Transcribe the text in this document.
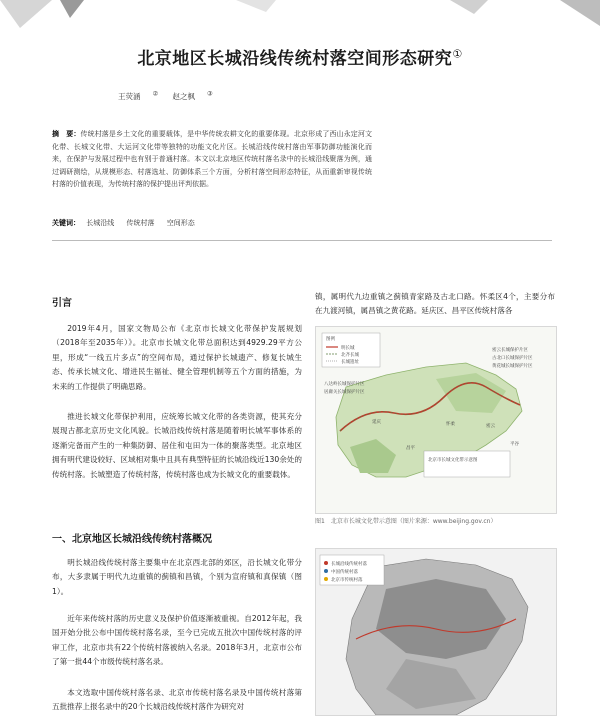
北京地区长城沿线传统村落空间形态研究①
王荧涵 ② 赵之枫 ③
摘　要：传统村落是乡土文化的重要载体，是中华传统农耕文化的重要体现。北京形成了西山永定河文化带、长城文化带、大运河文化带等独特的功能文化片区。长城沿线传统村落由军事防御功能演化而来，在保护与发展过程中也有别于普通村落。本文以北京地区传统村落名录中的长城沿线聚落为例，通过调研测绘，从规模形态、村落选址、防御体系三个方面，分析村落空间形态特征，从而重新审视传统村落的价值表现，为传统村落的保护提出评判依据。
关键词： 长城沿线 传统村落 空间形态
引言
2019年4月，国家文物局公布《北京市长城文化带保护发展规划（2018年至2035年）》。北京市长城文化带总面积达到4929.29平方公里，形成“一线五片多点”的空间布局，通过保护长城遗产、修复长城生态、传承长城文化、增进民生福祉、健全管理机制等五个方面的措施，为未来的工作提供了明确思路。
推进长城文化带保护利用，应统筹长城文化带的各类资源，使其充分展现古都北京历史文化风貌。长城沿线传统村落是随着明长城军事体系的逐渐完备而产生的一种集防御、居住和屯田为一体的聚落类型。北京地区拥有明代建设较好、区域相对集中且具有典型特征的长城沿线近130余处的传统村落。长城塑造了传统村落，传统村落也成为长城文化的重要载体。
一、北京地区长城沿线传统村落概况
明长城沿线传统村落主要集中在北京西北部的郊区，沿长城文化带分布，大多隶属于明代九边重镇的蓟镇和昌镇，个别为宣府镇和真保镇（图1）。
近年来传统村落的历史意义及保护价值逐渐被重视。自2012年起，我国开始分批公布中国传统村落名录，至今已完成五批次中国传统村落的评审工作，北京市共有22个传统村落被纳入名录。2018年3月，北京市公布了第一批44个市级传统村落名录。
本文选取中国传统村落名录、北京市传统村落名录及中国传统村落第五批推荐上报名录中的20个长城沿线传统村落作为研究对
镇，属明代九边重镇之蓟镇青家路及古北口路。怀柔区4个，主要分布在九渡河镇，属昌镇之黄花路。延庆区、昌平区传统村落各
图例
明长城
北齐长城
长城遗址
密云长城保护片区
古北口长城保护片区
黄花城长城保护片区
八达岭长城保护片区
居庸关长城保护片区
密云
怀柔
延庆
昌平
平谷
北京市长城文化带示意图
图1　北京市长城文化带示意图（图片来源：www.beijing.gov.cn）
长城沿线传统村落
中国传统村落
北京市传统村落
